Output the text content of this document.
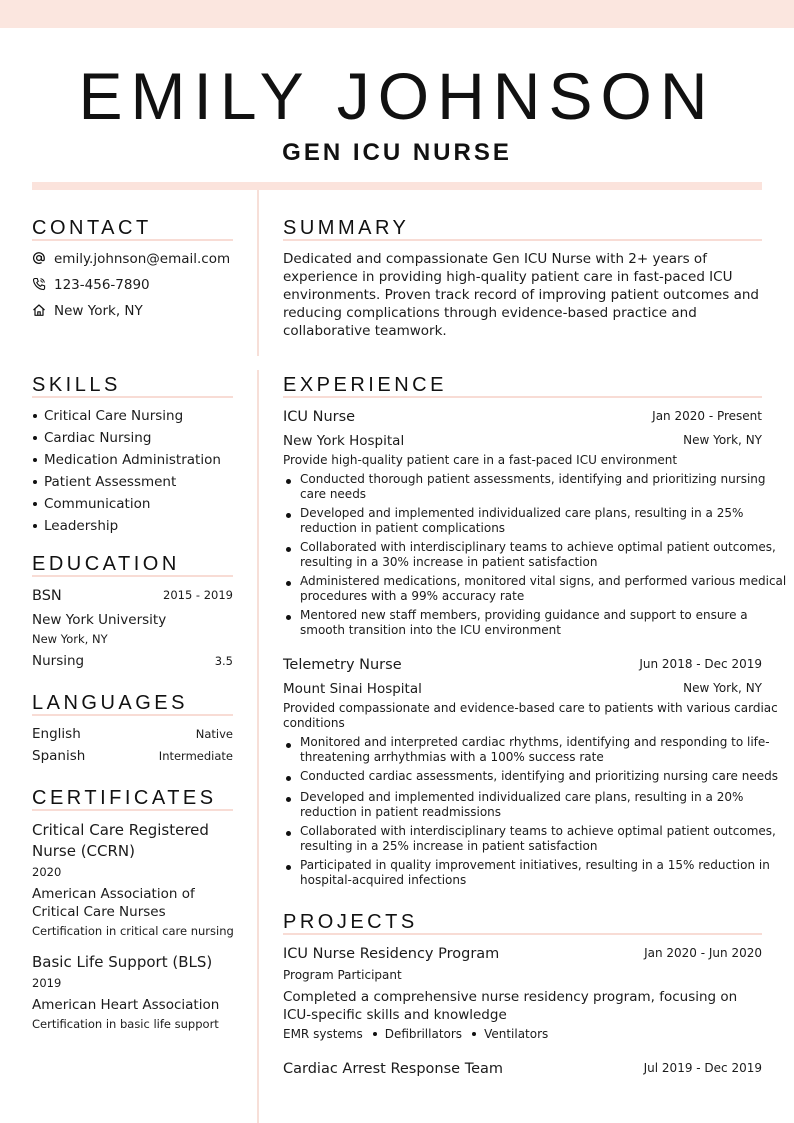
EMILY JOHNSON
GEN ICU NURSE
CONTACT
emily.johnson@email.com
123-456-7890
New York, NY
SUMMARY
Dedicated and compassionate Gen ICU Nurse with 2+ years of
experience in providing high-quality patient care in fast-paced ICU
environments. Proven track record of improving patient outcomes and
reducing complications through evidence-based practice and
collaborative teamwork.
SKILLS
Critical Care Nursing
Cardiac Nursing
Medication Administration
Patient Assessment
Communication
Leadership
EDUCATION
BSN	2015 - 2019
New York University
New York, NY
Nursing	3.5
LANGUAGES
English	Native
Spanish	Intermediate
CERTIFICATES
Critical Care Registered
Nurse (CCRN)
2020
American Association of
Critical Care Nurses
Certification in critical care nursing
Basic Life Support (BLS)
2019
American Heart Association
Certification in basic life support
EXPERIENCE
ICU Nurse	Jan 2020 - Present
New York Hospital	New York, NY
Provide high-quality patient care in a fast-paced ICU environment
Conducted thorough patient assessments, identifying and prioritizing nursing
care needs
Developed and implemented individualized care plans, resulting in a 25%
reduction in patient complications
Collaborated with interdisciplinary teams to achieve optimal patient outcomes,
resulting in a 30% increase in patient satisfaction
Administered medications, monitored vital signs, and performed various medical
procedures with a 99% accuracy rate
Mentored new staff members, providing guidance and support to ensure a
smooth transition into the ICU environment
Telemetry Nurse	Jun 2018 - Dec 2019
Mount Sinai Hospital	New York, NY
Provided compassionate and evidence-based care to patients with various cardiac
conditions
Monitored and interpreted cardiac rhythms, identifying and responding to life-
threatening arrhythmias with a 100% success rate
Conducted cardiac assessments, identifying and prioritizing nursing care needs
Developed and implemented individualized care plans, resulting in a 20%
reduction in patient readmissions
Collaborated with interdisciplinary teams to achieve optimal patient outcomes,
resulting in a 25% increase in patient satisfaction
Participated in quality improvement initiatives, resulting in a 15% reduction in
hospital-acquired infections
PROJECTS
ICU Nurse Residency Program	Jan 2020 - Jun 2020
Program Participant
Completed a comprehensive nurse residency program, focusing on
ICU-specific skills and knowledge
EMR systems Defibrillators Ventilators
Cardiac Arrest Response Team	Jul 2019 - Dec 2019
